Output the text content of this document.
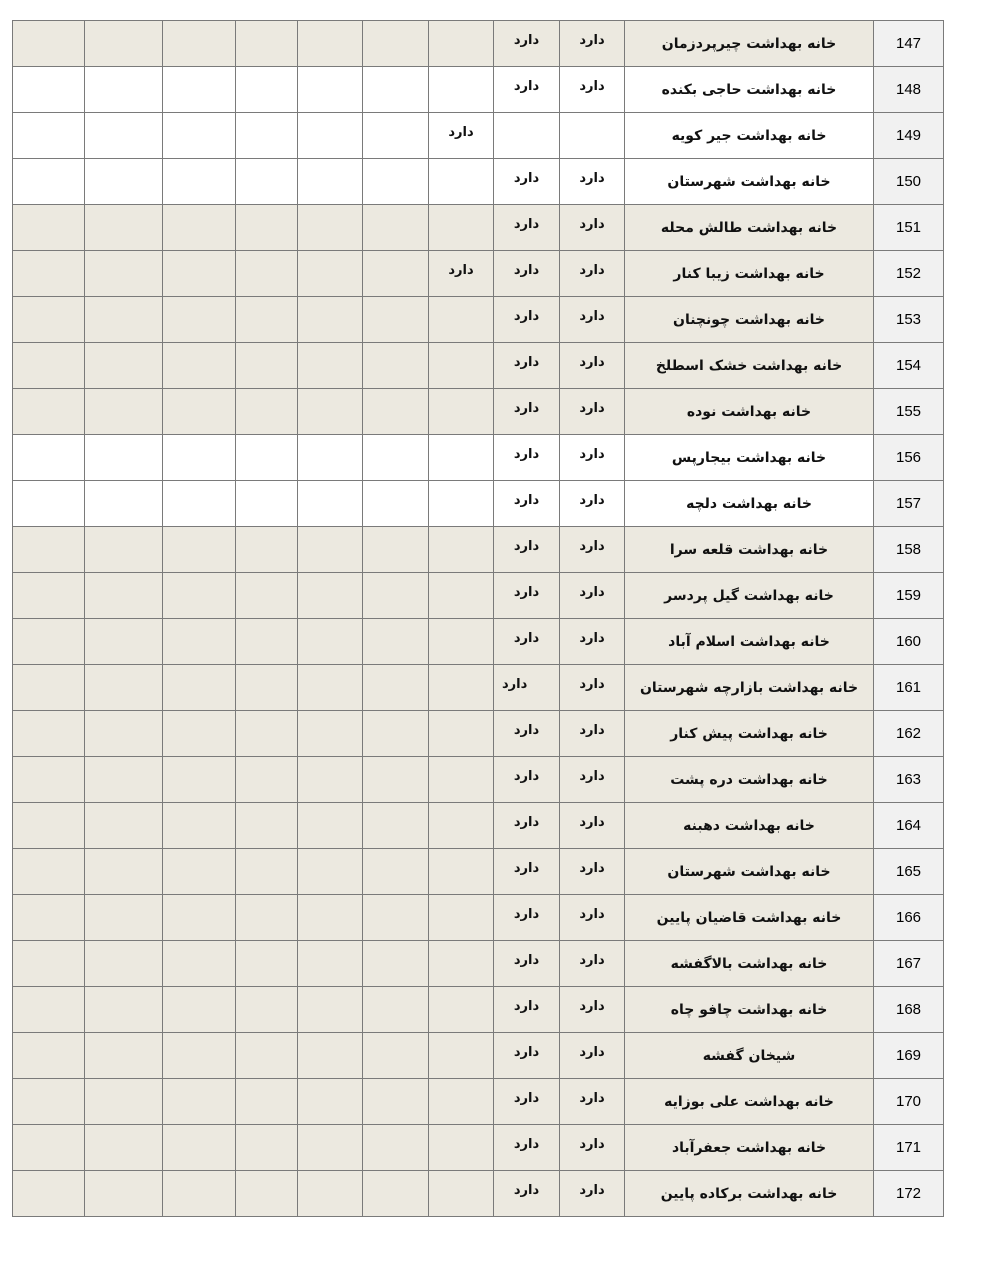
							دارد	دارد	خانه بهداشت چیرپردزمان	147
							دارد	دارد	خانه بهداشت حاجی بکنده	148
						دارد			خانه بهداشت جیر کویه	149
							دارد	دارد	خانه بهداشت شهرستان	150
							دارد	دارد	خانه بهداشت طالش محله	151
						دارد	دارد	دارد	خانه بهداشت زیبا کنار	152
							دارد	دارد	خانه بهداشت چونچنان	153
							دارد	دارد	خانه بهداشت خشک اسطلخ	154
							دارد	دارد	خانه بهداشت نوده	155
							دارد	دارد	خانه بهداشت بیجارپس	156
							دارد	دارد	خانه بهداشت دلچه	157
							دارد	دارد	خانه بهداشت قلعه سرا	158
							دارد	دارد	خانه بهداشت گیل پردسر	159
							دارد	دارد	خانه بهداشت اسلام آباد	160
							دارد	دارد	خانه بهداشت بازارچه شهرستان	161
							دارد	دارد	خانه بهداشت پیش کنار	162
							دارد	دارد	خانه بهداشت دره پشت	163
							دارد	دارد	خانه بهداشت دهبنه	164
							دارد	دارد	خانه بهداشت شهرستان	165
							دارد	دارد	خانه بهداشت قاضیان پایین	166
							دارد	دارد	خانه بهداشت بالاگفشه	167
							دارد	دارد	خانه بهداشت چافو چاه	168
							دارد	دارد	شیخان گفشه	169
							دارد	دارد	خانه بهداشت علی بوزایه	170
							دارد	دارد	خانه بهداشت جعفرآباد	171
							دارد	دارد	خانه بهداشت برکاده پایین	172
